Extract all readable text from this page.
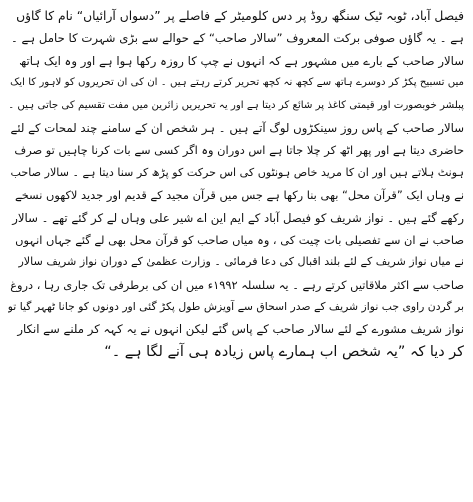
فیصل آباد، ٹوبہ ٹیک سنگھ روڈ پر دس کلومیٹر کے فاصلے پر ”دسواں آرائیاں“ نام کا گاؤں
ہے ۔ یہ گاؤں صوفی برکت المعروف ”سالار صاحب“ کے حوالے سے بڑی شہرت کا حامل ہے ۔
سالار صاحب کے بارے میں مشہور ہے کہ انہوں نے چپ کا روزہ رکھا ہوا ہے اور وہ ایک ہاتھ
میں تسبیح پکڑ کر دوسرے ہاتھ سے کچھ نہ کچھ تحریر کرتے رہتے ہیں ۔ ان کی ان تحریروں کو لاہور کا ایک
پبلشر خوبصورت اور قیمتی کاغذ پر شائع کر دیتا ہے اور یہ تحریریں زائرین میں مفت تقسیم کی جاتی ہیں ۔
سالار صاحب کے پاس روز سینکڑوں لوگ آتے ہیں ۔ ہر شخص ان کے سامنے چند لمحات کے لئے
حاضری دیتا ہے اور پھر اٹھ کر چلا جاتا ہے اس دوران وہ اگر کسی سے بات کرنا چاہیں تو صرف
ہونٹ ہلاتے ہیں اور ان کا مرید خاص ہونٹوں کی اس حرکت کو پڑھ کر سنا دیتا ہے ۔ سالار صاحب
نے وہاں ایک ”قرآن محل“ بھی بنا رکھا ہے جس میں قرآن مجید کے قدیم اور جدید لاکھوں نسخے
رکھے گئے ہیں ۔ نواز شریف کو فیصل آباد کے ایم این اے شیر علی وہاں لے کر گئے تھے ۔ سالار
صاحب نے ان سے تفصیلی بات چیت کی ، وہ میاں صاحب کو قرآن محل بھی لے گئے جہاں انہوں
نے میاں نواز شریف کے لئے بلند اقبال کی دعا فرمائی ۔ وزارت عظمیٰ کے دوران نواز شریف سالار
صاحب سے اکثر ملاقاتیں کرتے رہے ۔ یہ سلسلہ ۱۹۹۲ء میں ان کی برطرفی تک جاری رہا ، دروغ
بر گردن راوی جب نواز شریف کے صدر اسحاق سے آویزش طول پکڑ گئی اور دونوں کو جانا ٹھہر گیا تو
نواز شریف مشورے کے لئے سالار صاحب کے پاس گئے لیکن انہوں نے یہ کہہ کر ملنے سے انکار
کر دیا کہ ”یہ شخص اب ہمارے پاس زیادہ ہی آنے لگا ہے ۔“
